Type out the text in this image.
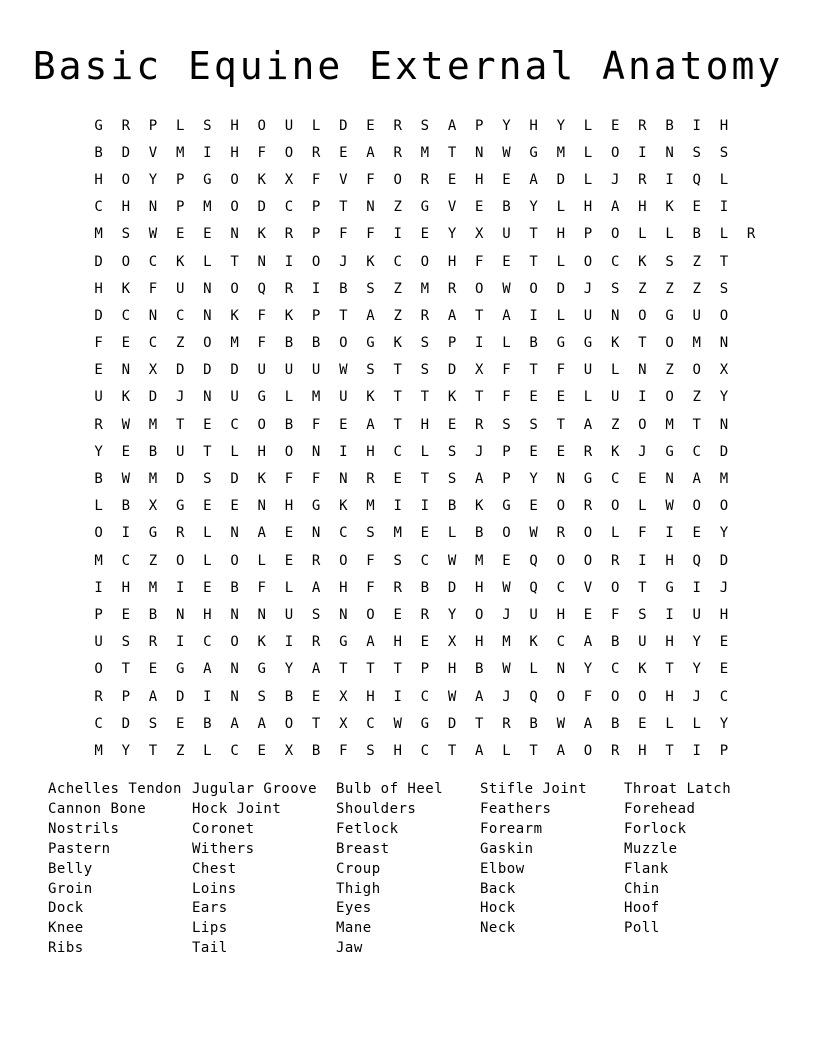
Basic Equine External Anatomy
G	R	P	L	S	H	O	U	L	D	E	R	S	A	P	Y	H	Y	L	E	R	B	I	H
B	D	V	M	I	H	F	O	R	E	A	R	M	T	N	W	G	M	L	O	I	N	S	S
H	O	Y	P	G	O	K	X	F	V	F	O	R	E	H	E	A	D	L	J	R	I	Q	L
C	H	N	P	M	O	D	C	P	T	N	Z	G	V	E	B	Y	L	H	A	H	K	E	I
M	S	W	E	E	N	K	R	P	F	F	I	E	Y	X	U	T	H	P	O	L	L	B	L	R
D	O	C	K	L	T	N	I	O	J	K	C	O	H	F	E	T	L	O	C	K	S	Z	T
H	K	F	U	N	O	Q	R	I	B	S	Z	M	R	O	W	O	D	J	S	Z	Z	Z	S
D	C	N	C	N	K	F	K	P	T	A	Z	R	A	T	A	I	L	U	N	O	G	U	O
F	E	C	Z	O	M	F	B	B	O	G	K	S	P	I	L	B	G	G	K	T	O	M	N
E	N	X	D	D	D	U	U	U	W	S	T	S	D	X	F	T	F	U	L	N	Z	O	X
U	K	D	J	N	U	G	L	M	U	K	T	T	K	T	F	E	E	L	U	I	O	Z	Y
R	W	M	T	E	C	O	B	F	E	A	T	H	E	R	S	S	T	A	Z	O	M	T	N
Y	E	B	U	T	L	H	O	N	I	H	C	L	S	J	P	E	E	R	K	J	G	C	D
B	W	M	D	S	D	K	F	F	N	R	E	T	S	A	P	Y	N	G	C	E	N	A	M
L	B	X	G	E	E	N	H	G	K	M	I	I	B	K	G	E	O	R	O	L	W	O	O
O	I	G	R	L	N	A	E	N	C	S	M	E	L	B	O	W	R	O	L	F	I	E	Y
M	C	Z	O	L	O	L	E	R	O	F	S	C	W	M	E	Q	O	O	R	I	H	Q	D
I	H	M	I	E	B	F	L	A	H	F	R	B	D	H	W	Q	C	V	O	T	G	I	J
P	E	B	N	H	N	N	U	S	N	O	E	R	Y	O	J	U	H	E	F	S	I	U	H
U	S	R	I	C	O	K	I	R	G	A	H	E	X	H	M	K	C	A	B	U	H	Y	E
O	T	E	G	A	N	G	Y	A	T	T	T	P	H	B	W	L	N	Y	C	K	T	Y	E
R	P	A	D	I	N	S	B	E	X	H	I	C	W	A	J	Q	O	F	O	O	H	J	C
C	D	S	E	B	A	A	O	T	X	C	W	G	D	T	R	B	W	A	B	E	L	L	Y
M	Y	T	Z	L	C	E	X	B	F	S	H	C	T	A	L	T	A	O	R	H	T	I	P
Achelles Tendon
Cannon Bone
Nostrils
Pastern
Belly
Groin
Dock
Knee
Ribs
Jugular Groove
Hock Joint
Coronet
Withers
Chest
Loins
Ears
Lips
Tail
Bulb of Heel
Shoulders
Fetlock
Breast
Croup
Thigh
Eyes
Mane
Jaw
Stifle Joint
Feathers
Forearm
Gaskin
Elbow
Back
Hock
Neck
Throat Latch
Forehead
Forlock
Muzzle
Flank
Chin
Hoof
Poll
